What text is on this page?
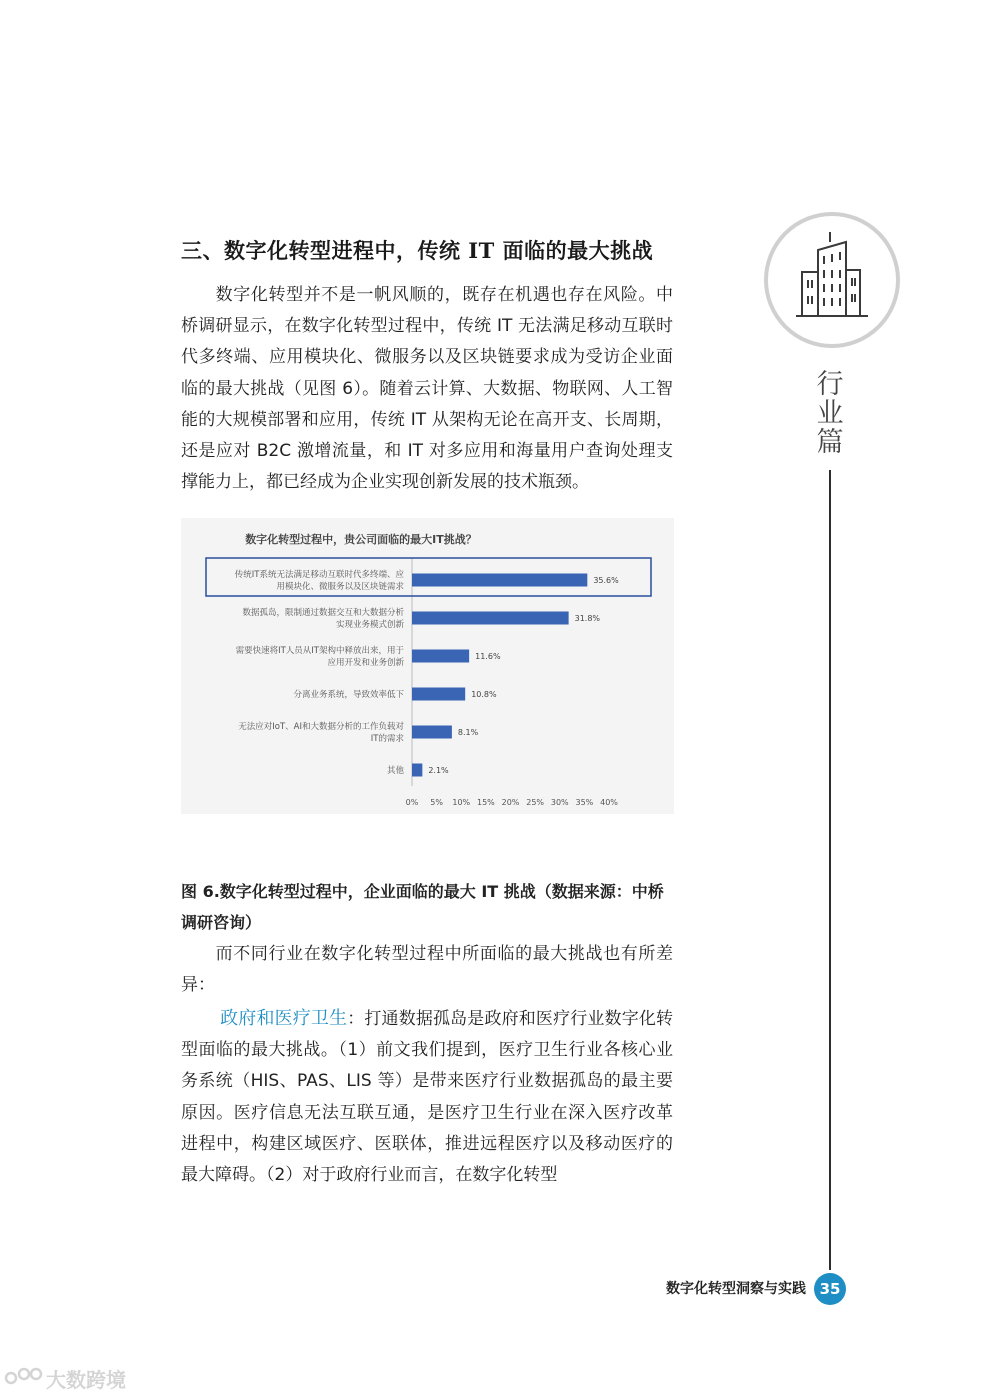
三、数字化转型进程中，传统 IT 面临的最大挑战

数字化转型并不是一帆风顺的，既存在机遇也存在风险。中桥调研显示，在数字化转型过程中，传统 IT 无法满足移动互联时代多终端、应用模块化、微服务以及区块链要求成为受访企业面临的最大挑战（见图 6）。随着云计算、大数据、物联网、人工智能的大规模部署和应用，传统 IT 从架构无论在高开支、长周期，还是应对 B2C 激增流量，和 IT 对多应用和海量用户查询处理支撑能力上，都已经成为企业实现创新发展的技术瓶颈。

数字化转型过程中，贵公司面临的最大IT挑战？
传统IT系统无法满足移动互联时代多终端、应
用模块化、微服务以及区块链需求
35.6%
数据孤岛，限制通过数据交互和大数据分析
实现业务模式创新
31.8%
需要快速将IT人员从IT架构中释放出来，用于
应用开发和业务创新
11.6%
分离业务系统，导致效率低下	10.8%
无法应对IoT、AI和大数据分析的工作负载对
IT的需求
8.1%
其他	2.1%
0% 5% 10% 15% 20% 25% 30% 35% 40%

图 6.数字化转型过程中，企业面临的最大 IT 挑战（数据来源：中桥调研咨询）

而不同行业在数字化转型过程中所面临的最大挑战也有所差异：

政府和医疗卫生：打通数据孤岛是政府和医疗行业数字化转型面临的最大挑战。（1）前文我们提到，医疗卫生行业各核心业务系统（HIS、PAS、LIS 等）是带来医疗行业数据孤岛的最主要原因。医疗信息无法互联互通，是医疗卫生行业在深入医疗改革进程中，构建区域医疗、医联体，推进远程医疗以及移动医疗的最大障碍。（2）对于政府行业而言，在数字化转型

行
业
篇
数字化转型洞察与实践 35
大数跨境
